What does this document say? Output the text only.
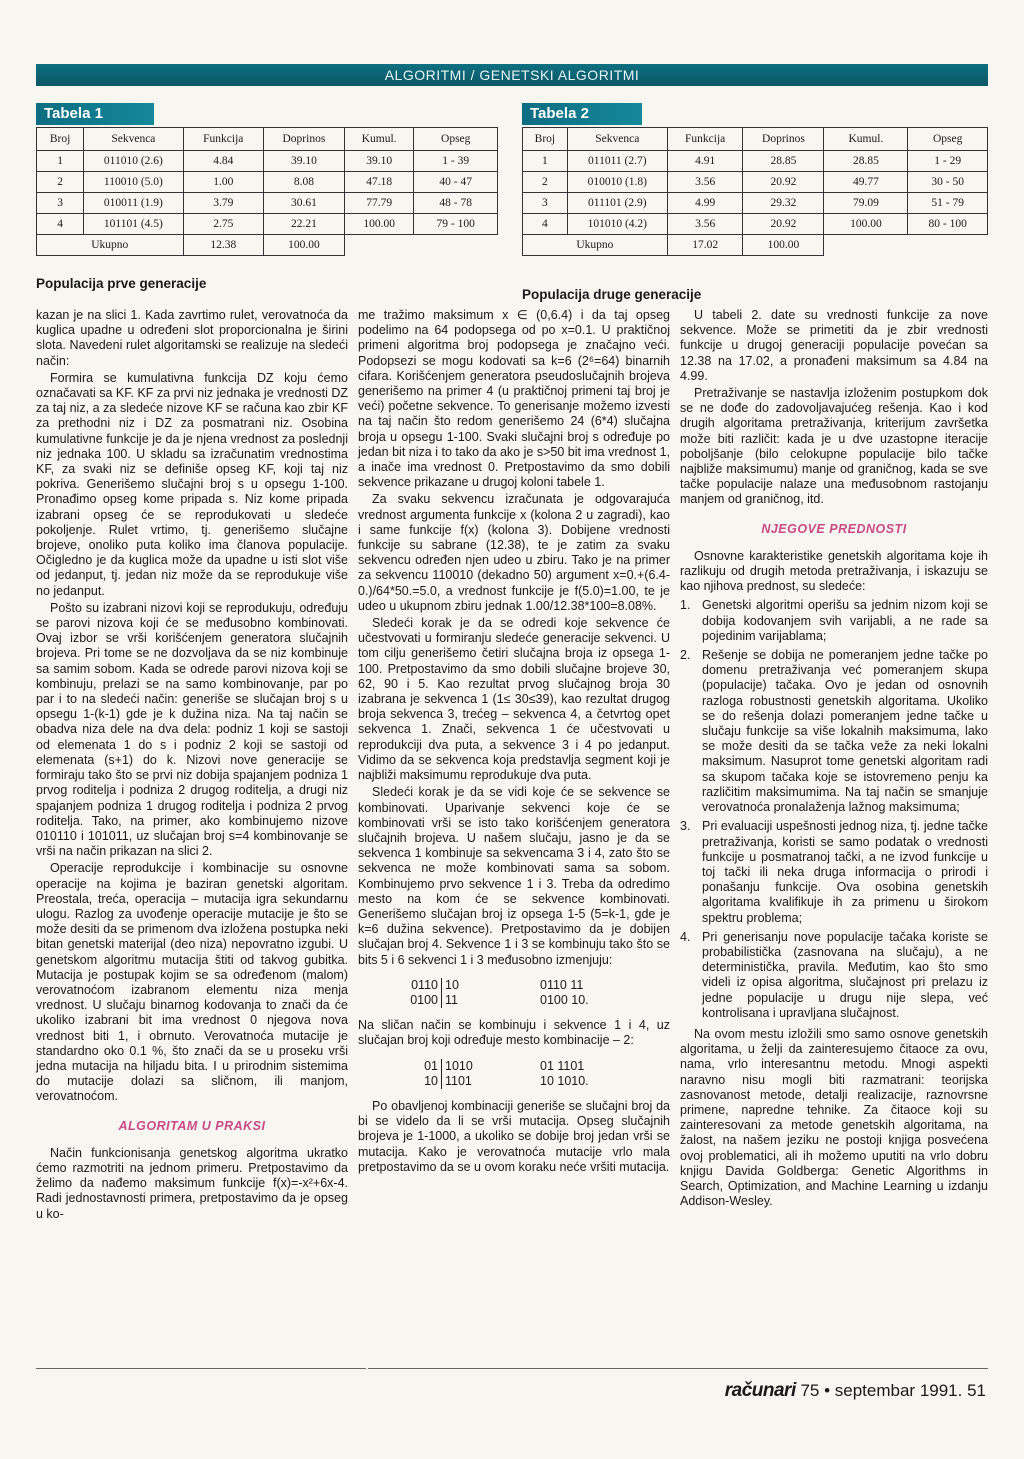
ALGORITMI / GENETSKI ALGORITMI
Tabela 1
Broj	Sekvenca	Funkcija	Doprinos	Kumul.	Opseg
1	011010 (2.6)	4.84	39.10	39.10	1 - 39
2	110010 (5.0)	1.00	8.08	47.18	40 - 47
3	010011 (1.9)	3.79	30.61	77.79	48 - 78
4	101101 (4.5)	2.75	22.21	100.00	79 - 100
Ukupno		12.38	100.00		
Populacija prve generacije
Tabela 2
Broj	Sekvenca	Funkcija	Doprinos	Kumul.	Opseg
1	011011 (2.7)	4.91	28.85	28.85	1 - 29
2	010010 (1.8)	3.56	20.92	49.77	30 - 50
3	011101 (2.9)	4.99	29.32	79.09	51 - 79
4	101010 (4.2)	3.56	20.92	100.00	80 - 100
Ukupno		17.02	100.00		
Populacija druge generacije

kazan je na slici 1. Kada zavrtimo rulet, verovatnoća da kuglica upadne u određeni slot proporcionalna je širini slota. Navedeni rulet algoritamski se realizuje na sledeći način:

Formira se kumulativna funkcija DZ koju ćemo označavati sa KF. KF za prvi niz jednaka je vrednosti DZ za taj niz, a za sledeće nizove KF se računa kao zbir KF za prethodni niz i DZ za posmatrani niz. Osobina kumulativne funkcije je da je njena vrednost za poslednji niz jednaka 100. U skladu sa izračunatim vrednostima KF, za svaki niz se definiše opseg KF, koji taj niz pokriva. Generišemo slučajni broj s u opsegu 1-100. Pronađimo opseg kome pripada s. Niz kome pripada izabrani opseg će se reprodukovati u sledeće pokoljenje. Rulet vrtimo, tj. generišemo slučajne brojeve, onoliko puta koliko ima članova populacije. Očigledno je da kuglica može da upadne u isti slot više od jedanput, tj. jedan niz može da se reprodukuje više no jedanput.

Pošto su izabrani nizovi koji se reprodukuju, određuju se parovi nizova koji će se međusobno kombinovati. Ovaj izbor se vrši korišćenjem generatora slučajnih brojeva. Pri tome se ne dozvoljava da se niz kombinuje sa samim sobom. Kada se odrede parovi nizova koji se kombinuju, prelazi se na samo kombinovanje, par po par i to na sledeći način: generiše se slučajan broj s u opsegu 1-(k-1) gde je k dužina niza. Na taj način se obadva niza dele na dva dela: podniz 1 koji se sastoji od elemenata 1 do s i podniz 2 koji se sastoji od elemenata (s+1) do k. Nizovi nove generacije se formiraju tako što se prvi niz dobija spajanjem podniza 1 prvog roditelja i podniza 2 drugog roditelja, a drugi niz spajanjem podniza 1 drugog roditelja i podniza 2 prvog roditelja. Tako, na primer, ako kombinujemo nizove 010110 i 101011, uz slučajan broj s=4 kombinovanje se vrši na način prikazan na slici 2.

Operacije reprodukcije i kombinacije su osnovne operacije na kojima je baziran genetski algoritam. Preostala, treća, operacija – mutacija igra sekundarnu ulogu. Razlog za uvođenje operacije mutacije je što se može desiti da se primenom dva izložena postupka neki bitan genetski materijal (deo niza) nepovratno izgubi. U genetskom algoritmu mutacija štiti od takvog gubitka. Mutacija je postupak kojim se sa određenom (malom) verovatnoćom izabranom elementu niza menja vrednost. U slučaju binarnog kodovanja to znači da će ukoliko izabrani bit ima vrednost 0 njegova nova vrednost biti 1, i obrnuto. Verovatnoća mutacije je standardno oko 0.1 %, što znači da se u proseku vrši jedna mutacija na hiljadu bita. I u prirodnim sistemima do mutacije dolazi sa sličnom, ili manjom, verovatnoćom.

ALGORITAM U PRAKSI

Način funkcionisanja genetskog algoritma ukratko ćemo razmotriti na jednom primeru. Pretpostavimo da želimo da nađemo maksimum funkcije f(x)=-x²+6x-4. Radi jednostavnosti primera, pretpostavimo da je opseg u ko-

me tražimo maksimum x ∈ (0,6.4) i da taj opseg podelimo na 64 podopsega od po x=0.1. U praktičnoj primeni algoritma broj podopsega je značajno veći. Podopsezi se mogu kodovati sa k=6 (2⁶=64) binarnih cifara. Korišćenjem generatora pseudoslučajnih brojeva generišemo na primer 4 (u praktičnoj primeni taj broj je veći) početne sekvence. To generisanje možemo izvesti na taj način što redom generišemo 24 (6*4) slučajna broja u opsegu 1-100. Svaki slučajni broj s određuje po jedan bit niza i to tako da ako je s>50 bit ima vrednost 1, a inače ima vrednost 0. Pretpostavimo da smo dobili sekvence prikazane u drugoj koloni tabele 1.

Za svaku sekvencu izračunata je odgovarajuća vrednost argumenta funkcije x (kolona 2 u zagradi), kao i same funkcije f(x) (kolona 3). Dobijene vrednosti funkcije su sabrane (12.38), te je zatim za svaku sekvencu određen njen udeo u zbiru. Tako je na primer za sekvencu 110010 (dekadno 50) argument x=0.+(6.4-0.)/64*50.=5.0, a vrednost funkcije je f(5.0)=1.00, te je udeo u ukupnom zbiru jednak 1.00/12.38*100=8.08%.

Sledeći korak je da se odredi koje sekvence će učestvovati u formiranju sledeće generacije sekvenci. U tom cilju generišemo četiri slučajna broja iz opsega 1-100. Pretpostavimo da smo dobili slučajne brojeve 30, 62, 90 i 5. Kao rezultat prvog slučajnog broja 30 izabrana je sekvenca 1 (1≤ 30≤39), kao rezultat drugog broja sekvenca 3, trećeg – sekvenca 4, a četvrtog opet sekvenca 1. Znači, sekvenca 1 će učestvovati u reprodukciji dva puta, a sekvence 3 i 4 po jedanput. Vidimo da se sekvenca koja predstavlja segment koji je najbliži maksimumu reprodukuje dva puta.

Sledeći korak je da se vidi koje će se sekvence se kombinovati. Uparivanje sekvenci koje će se kombinovati vrši se isto tako korišćenjem generatora slučajnih brojeva. U našem slučaju, jasno je da se sekvenca 1 kombinuje sa sekvencama 3 i 4, zato što se sekvenca ne može kombinovati sama sa sobom. Kombinujemo prvo sekvence 1 i 3. Treba da odredimo mesto na kom će se sekvence kombinovati. Generišemo slučajan broj iz opsega 1-5 (5=k-1, gde je k=6 dužina sekvence). Pretpostavimo da je dobijen slučajan broj 4. Sekvence 1 i 3 se kombinuju tako što se bits 5 i 6 sekvenci 1 i 3 međusobno izmenjuju:

0110 10	0110 11
0100 11	0100 10.

Na sličan način se kombinuju i sekvence 1 i 4, uz slučajan broj koji određuje mesto kombinacije – 2:

01 1010	01 1101
10 1101	10 1010.

Po obavljenoj kombinaciji generiše se slučajni broj da bi se videlo da li se vrši mutacija. Opseg slučajnih brojeva je 1-1000, a ukoliko se dobije broj jedan vrši se mutacija. Kako je verovatnoća mutacije vrlo mala pretpostavimo da se u ovom koraku neće vršiti mutacija.

U tabeli 2. date su vrednosti funkcije za nove sekvence. Može se primetiti da je zbir vrednosti funkcije u drugoj generaciji populacije povećan sa 12.38 na 17.02, a pronađeni maksimum sa 4.84 na 4.99.

Pretraživanje se nastavlja izloženim postupkom dok se ne dođe do zadovoljavajućeg rešenja. Kao i kod drugih algoritama pretraživanja, kriterijum završetka može biti različit: kada je u dve uzastopne iteracije poboljšanje (bilo celokupne populacije bilo tačke najbliže maksimumu) manje od graničnog, kada se sve tačke populacije nalaze una međusobnom rastojanju manjem od graničnog, itd.

NJEGOVE PREDNOSTI

Osnovne karakteristike genetskih algoritama koje ih razlikuju od drugih metoda pretraživanja, i iskazuju se kao njihova prednost, su sledeće:

1. Genetski algoritmi operišu sa jednim nizom koji se dobija kodovanjem svih varijabli, a ne rade sa pojedinim varijablama;
2. Rešenje se dobija ne pomeranjem jedne tačke po domenu pretraživanja već pomeranjem skupa (populacije) tačaka. Ovo je jedan od osnovnih razloga robustnosti genetskih algoritama. Ukoliko se do rešenja dolazi pomeranjem jedne tačke u slučaju funkcije sa više lokalnih maksimuma, lako se može desiti da se tačka veže za neki lokalni maksimum. Nasuprot tome genetski algoritam radi sa skupom tačaka koje se istovremeno penju ka različitim maksimumima. Na taj način se smanjuje verovatnoća pronalaženja lažnog maksimuma;
3. Pri evaluaciji uspešnosti jednog niza, tj. jedne tačke pretraživanja, koristi se samo podatak o vrednosti funkcije u posmatranoj tački, a ne izvod funkcije u toj tački ili neka druga informacija o prirodi i ponašanju funkcije. Ova osobina genetskih algoritama kvalifikuje ih za primenu u širokom spektru problema;
4. Pri generisanju nove populacije tačaka koriste se probabilistička (zasnovana na slučaju), a ne deterministička, pravila. Međutim, kao što smo videli iz opisa algoritma, slučajnost pri prelazu iz jedne populacije u drugu nije slepa, već kontrolisana i upravljana slučajnost.

Na ovom mestu izložili smo samo osnove genetskih algoritama, u želji da zainteresujemo čitaoce za ovu, nama, vrlo interesantnu metodu. Mnogi aspekti naravno nisu mogli biti razmatrani: teorijska zasnovanost metode, detalji realizacije, raznovrsne primene, napredne tehnike. Za čitaoce koji su zainteresovani za metode genetskih algoritama, na žalost, na našem jeziku ne postoji knjiga posvećena ovoj problematici, ali ih možemo uputiti na vrlo dobru knjigu Davida Goldberga: Genetic Algorithms in Search, Optimization, and Machine Learning u izdanju Addison-Wesley.

računari 75 • septembar 1991. 51
